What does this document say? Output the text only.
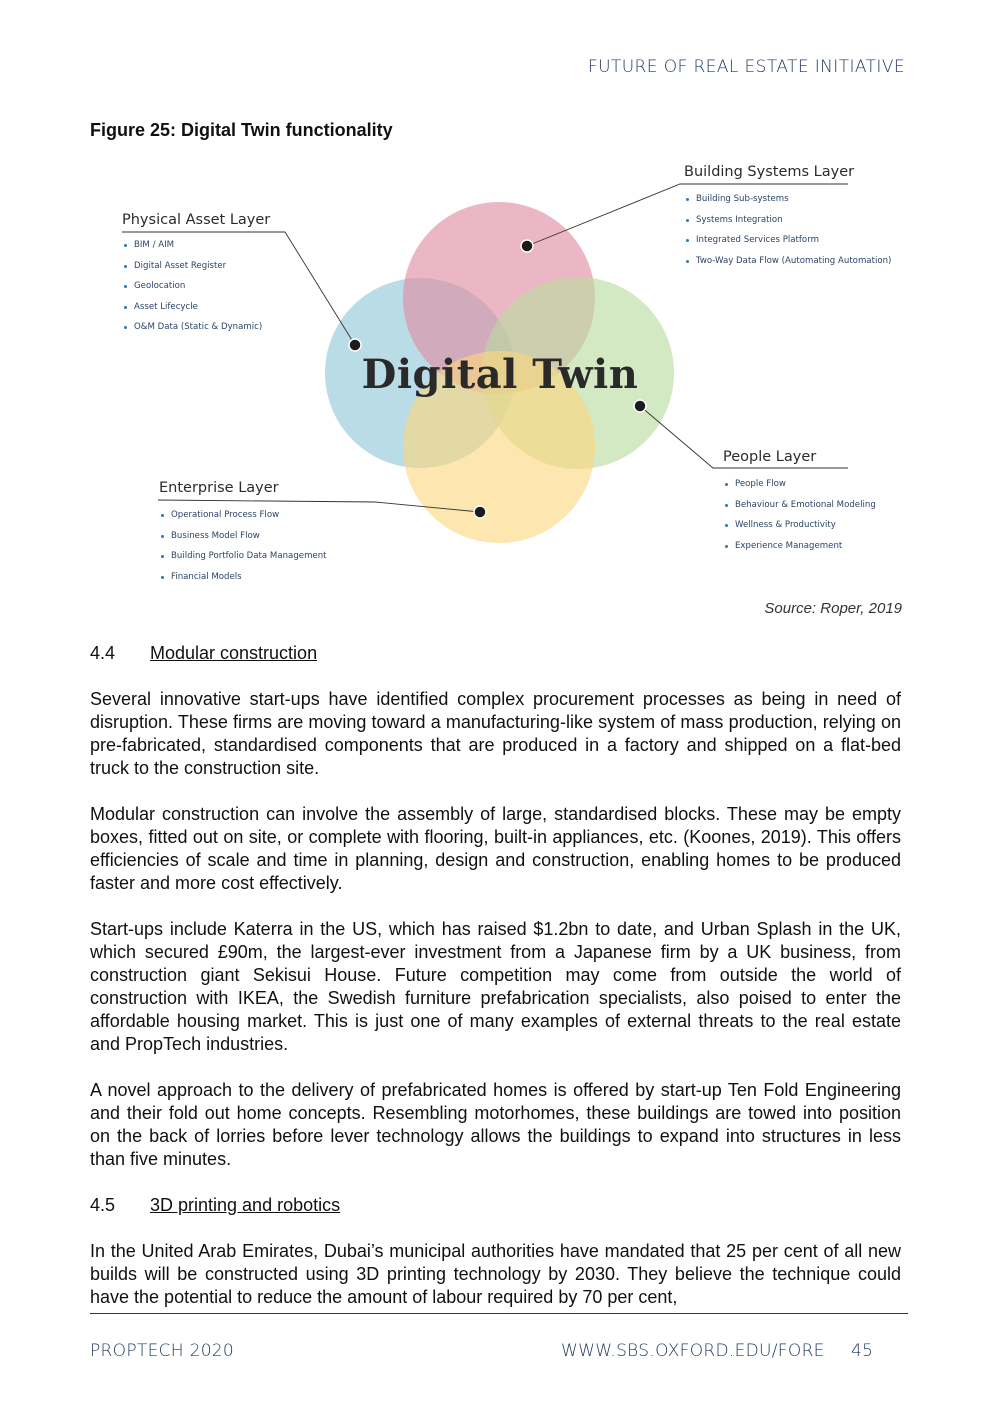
FUTURE OF REAL ESTATE INITIATIVE
Figure 25: Digital Twin functionality
Digital Twin
Physical Asset Layer
BIM / AIM
Digital Asset Register
Geolocation
Asset Lifecycle
O&M Data (Static & Dynamic)
Building Systems Layer
Building Sub-systems
Systems Integration
Integrated Services Platform
Two-Way Data Flow (Automating Automation)
People Layer
People Flow
Behaviour & Emotional Modeling
Wellness & Productivity
Experience Management
Enterprise Layer
Operational Process Flow
Business Model Flow
Building Portfolio Data Management
Financial Models
Source: Roper, 2019
4.4 Modular construction

Several innovative start-ups have identified complex procurement processes as being in need of disruption. These firms are moving toward a manufacturing-like system of mass production, relying on pre-fabricated, standardised components that are produced in a factory and shipped on a flat-bed truck to the construction site.

Modular construction can involve the assembly of large, standardised blocks. These may be empty boxes, fitted out on site, or complete with flooring, built-in appliances, etc. (Koones, 2019). This offers efficiencies of scale and time in planning, design and construction, enabling homes to be produced faster and more cost effectively.

Start-ups include Katerra in the US, which has raised $1.2bn to date, and Urban Splash in the UK, which secured £90m, the largest-ever investment from a Japanese firm by a UK business, from construction giant Sekisui House. Future competition may come from outside the world of construction with IKEA, the Swedish furniture prefabrication specialists, also poised to enter the affordable housing market. This is just one of many examples of external threats to the real estate and PropTech industries.

A novel approach to the delivery of prefabricated homes is offered by start-up Ten Fold Engineering and their fold out home concepts. Resembling motorhomes, these buildings are towed into position on the back of lorries before lever technology allows the buildings to expand into structures in less than five minutes.

4.5 3D printing and robotics

In the United Arab Emirates, Dubai’s municipal authorities have mandated that 25 per cent of all new builds will be constructed using 3D printing technology by 2030. They believe the technique could have the potential to reduce the amount of labour required by 70 per cent,

PROPTECH 2020	WWW.SBS.OXFORD.EDU/FORE 45
